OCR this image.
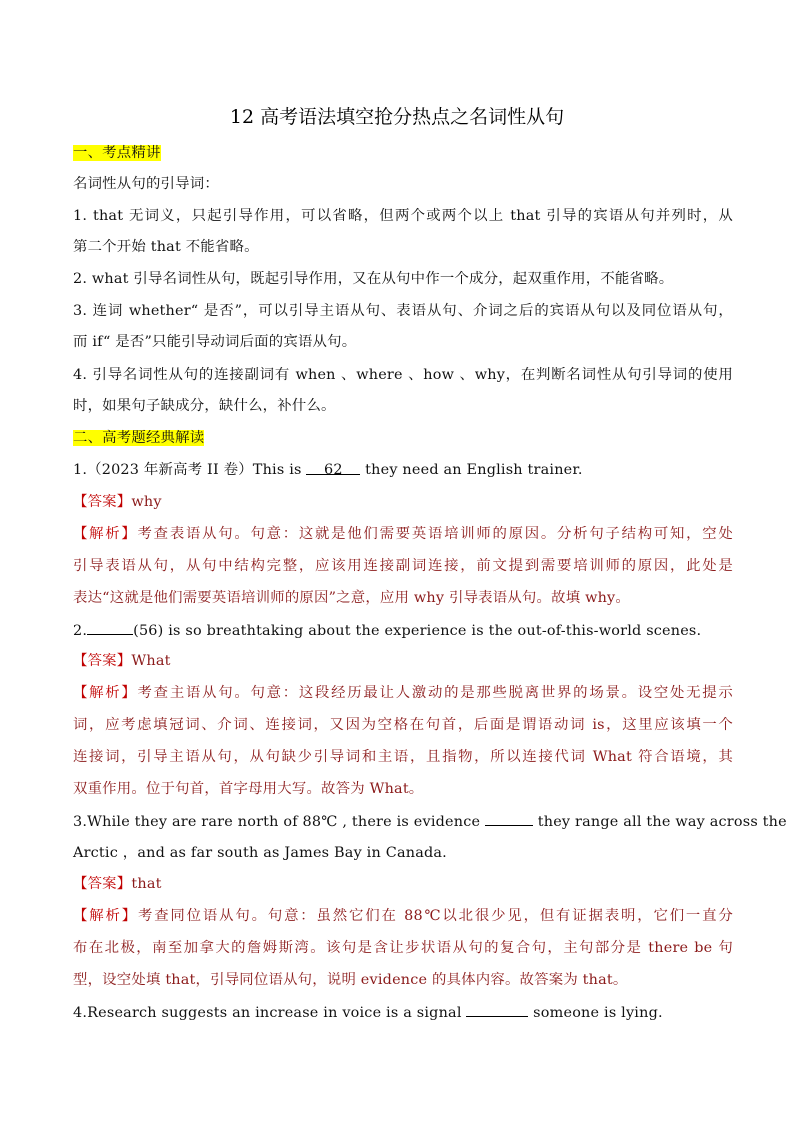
12 高考语法填空抢分热点之名词性从句
一、考点精讲
名词性从句的引导词：
1. that 无词义，只起引导作用，可以省略，但两个或两个以上 that 引导的宾语从句并列时，从
第二个开始 that 不能省略。
2. what 引导名词性从句，既起引导作用，又在从句中作一个成分，起双重作用，不能省略。
3. 连词 whether“ 是否”，可以引导主语从句、表语从句、介词之后的宾语从句以及同位语从句，
而 if“ 是否”只能引导动词后面的宾语从句。
4. 引导名词性从句的连接副词有 when 、where 、how 、why，在判断名词性从句引导词的使用
时，如果句子缺成分，缺什么，补什么。
二、高考题经典解读
1.（2023 年新高考 II 卷）This is 62 they need an English trainer.
【答案】why
【解析】考查表语从句。句意：这就是他们需要英语培训师的原因。分析句子结构可知，空处
引导表语从句，从句中结构完整，应该用连接副词连接，前文提到需要培训师的原因，此处是
表达“这就是他们需要英语培训师的原因”之意，应用 why 引导表语从句。故填 why。
2.	(56) is so breathtaking about the experience is the out-of-this-world scenes.
【答案】What
【解析】考查主语从句。句意：这段经历最让人激动的是那些脱离世界的场景。设空处无提示
词，应考虑填冠词、介词、连接词，又因为空格在句首，后面是谓语动词 is，这里应该填一个
连接词，引导主语从句，从句缺少引导词和主语，且指物，所以连接代词 What 符合语境，其
双重作用。位于句首，首字母用大写。故答为 What。
3.While they are rare north of 88℃ , there is evidence	they range all the way across the
Arctic ，and as far south as James Bay in Canada.
【答案】that
【解析】考查同位语从句。句意：虽然它们在 88℃以北很少见，但有证据表明，它们一直分
布在北极，南至加拿大的詹姆斯湾。该句是含让步状语从句的复合句，主句部分是 there be 句
型，设空处填 that，引导同位语从句，说明 evidence 的具体内容。故答案为 that。
4.Research suggests an increase in voice is a signal	someone is lying.
